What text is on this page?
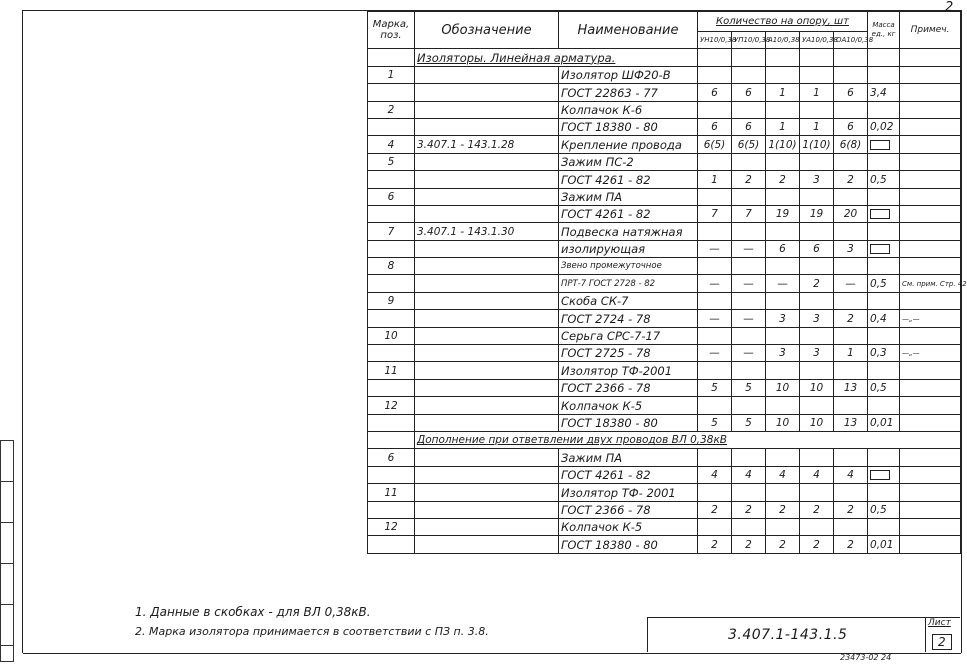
2
Марка, поз.	Обозначение	Наименование	Количество на опору, шт					Масса ед., кг	Примеч.
			УН10/0,38	УП10/0,38	А10/0,38	УА10/0,38	ОА10/0,38		
	Изоляторы. Линейная арматура.								
1		Изолятор ШФ20-В							
		ГОСТ 22863 - 77	6	6	1	1	6	3,4	
2		Колпачок К-6							
		ГОСТ 18380 - 80	6	6	1	1	6	0,02	
4	3.407.1 - 143.1.28	Крепление провода	6(5)	6(5)	1(10)	1(10)	6(8)		
5		Зажим ПС-2							
		ГОСТ 4261 - 82	1	2	2	3	2	0,5	
6		Зажим ПА							
		ГОСТ 4261 - 82	7	7	19	19	20		
7	3.407.1 - 143.1.30	Подвеска натяжная							
		изолирующая	—	—	6	6	3		
8		Звено промежуточное							
		ПРТ-7 ГОСТ 2728 - 82	—	—	—	2	—	0,5	См. прим. Стр. 42
9		Скоба СК-7							
		ГОСТ 2724 - 78	—	—	3	3	2	0,4	—„—
10		Серьга СРС-7-17							
		ГОСТ 2725 - 78	—	—	3	3	1	0,3	—„—
11		Изолятор ТФ-2001							
		ГОСТ 2366 - 78	5	5	10	10	13	0,5	
12		Колпачок К-5							
		ГОСТ 18380 - 80	5	5	10	10	13	0,01	
	Дополнение при ответвлении двух проводов ВЛ 0,38кВ								
6		Зажим ПА							
		ГОСТ 4261 - 82	4	4	4	4	4		
11		Изолятор ТФ- 2001							
		ГОСТ 2366 - 78	2	2	2	2	2	0,5	
12		Колпачок К-5							
		ГОСТ 18380 - 80	2	2	2	2	2	0,01	
1. Данные в скобках - для ВЛ 0,38кВ.
2. Марка изолятора принимается в соответствии с ПЗ п. 3.8.	3.407.1-143.1.5
Лист
2
23473-02 24
